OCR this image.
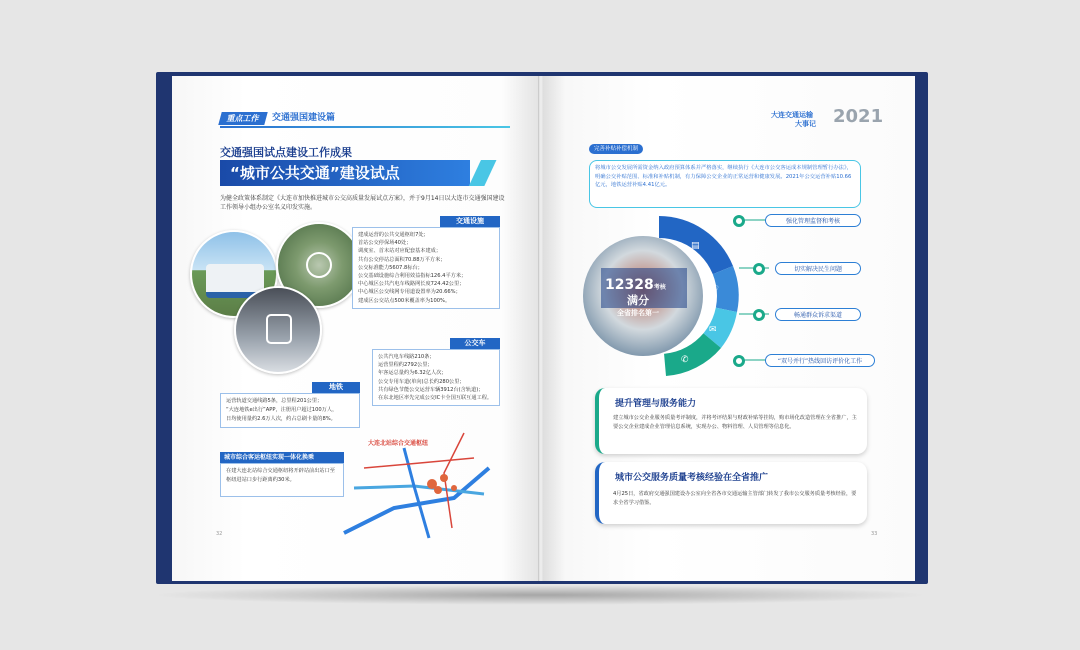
重点工作	交通强国建设篇
交通强国试点建设工作成果
“城市公共交通”建设试点
为健全政策体系制定《大连市加快推进城市公交高质量发展试点方案》，并于9月14日以大连市交通强国建设工作领导小组办公室名义印发实施。
交通设施
建成运营的公共交通枢纽7处；
首站公交停保场40处；
调度室、首末站对应配套基本建成；
共有公交停站总面积70.88万平方米；
公交标准能力5607.8标台；
公交基础设施综合利用效益指标126.4平方米；
中心城区公共汽电车线路网长度724.42公里；
中心城区公交线网专用道设置率为20.66%；
建成区公交站点500米覆盖率为100%。
公交车
公共汽电车线路210条；
运营里程约2792公里；
年客运总量约为6.32亿人次；
公交专用车道(单向)总长约280公里；
共有绿色节能公交运营车辆3912台(含轨道)；
在东北地区率先完成公交IC卡全国互联互通工程。
地铁
运营轨道交通线路5条，总里程201公里；
“大连地铁e出行”APP，注册用户超过100万人，
日均使用量约2.6万人次，约占总刷卡量的8%。
城市综合客运枢纽实现一体化换乘
在建大连北站综合交通枢纽将开辟站前出站口至枢纽进站口步行距离约30米。
大连北站综合交通枢纽
32
大连交通运输
大事记 2021
完善补贴补偿机制
将城市公交发展所需资金纳入政府预算体系并严格落实，继续执行《大连市公交客运成本规制管理暂行办法》，明确公交补贴范围、标准和补贴机制，有力保障公交企业的正常运营和健康发展。2021年公交运营补贴10.66亿元，地铁运营补贴4.41亿元。
▤
♡
✉
✆
12328考核
满分
全省排名第一
强化管理监督和考核
切实解决民生问题
畅通群众诉求渠道
“双号并行”热线回访评价化工作
提升管理与服务能力
建立城市公交企业服务质量考评制度，并将考评结果与财政补贴等挂钩，购市场化改造管理在全省推广，主要公交企业建成企业管理信息系统，实现办公、物料管理、人员管理等信息化。
城市公交服务质量考核经验在全省推广
4月25日，省政府交通强国建设办公室向全省各市交通运输主管部门转发了我市公交服务质量考核经验，要求全省学习借鉴。
33
